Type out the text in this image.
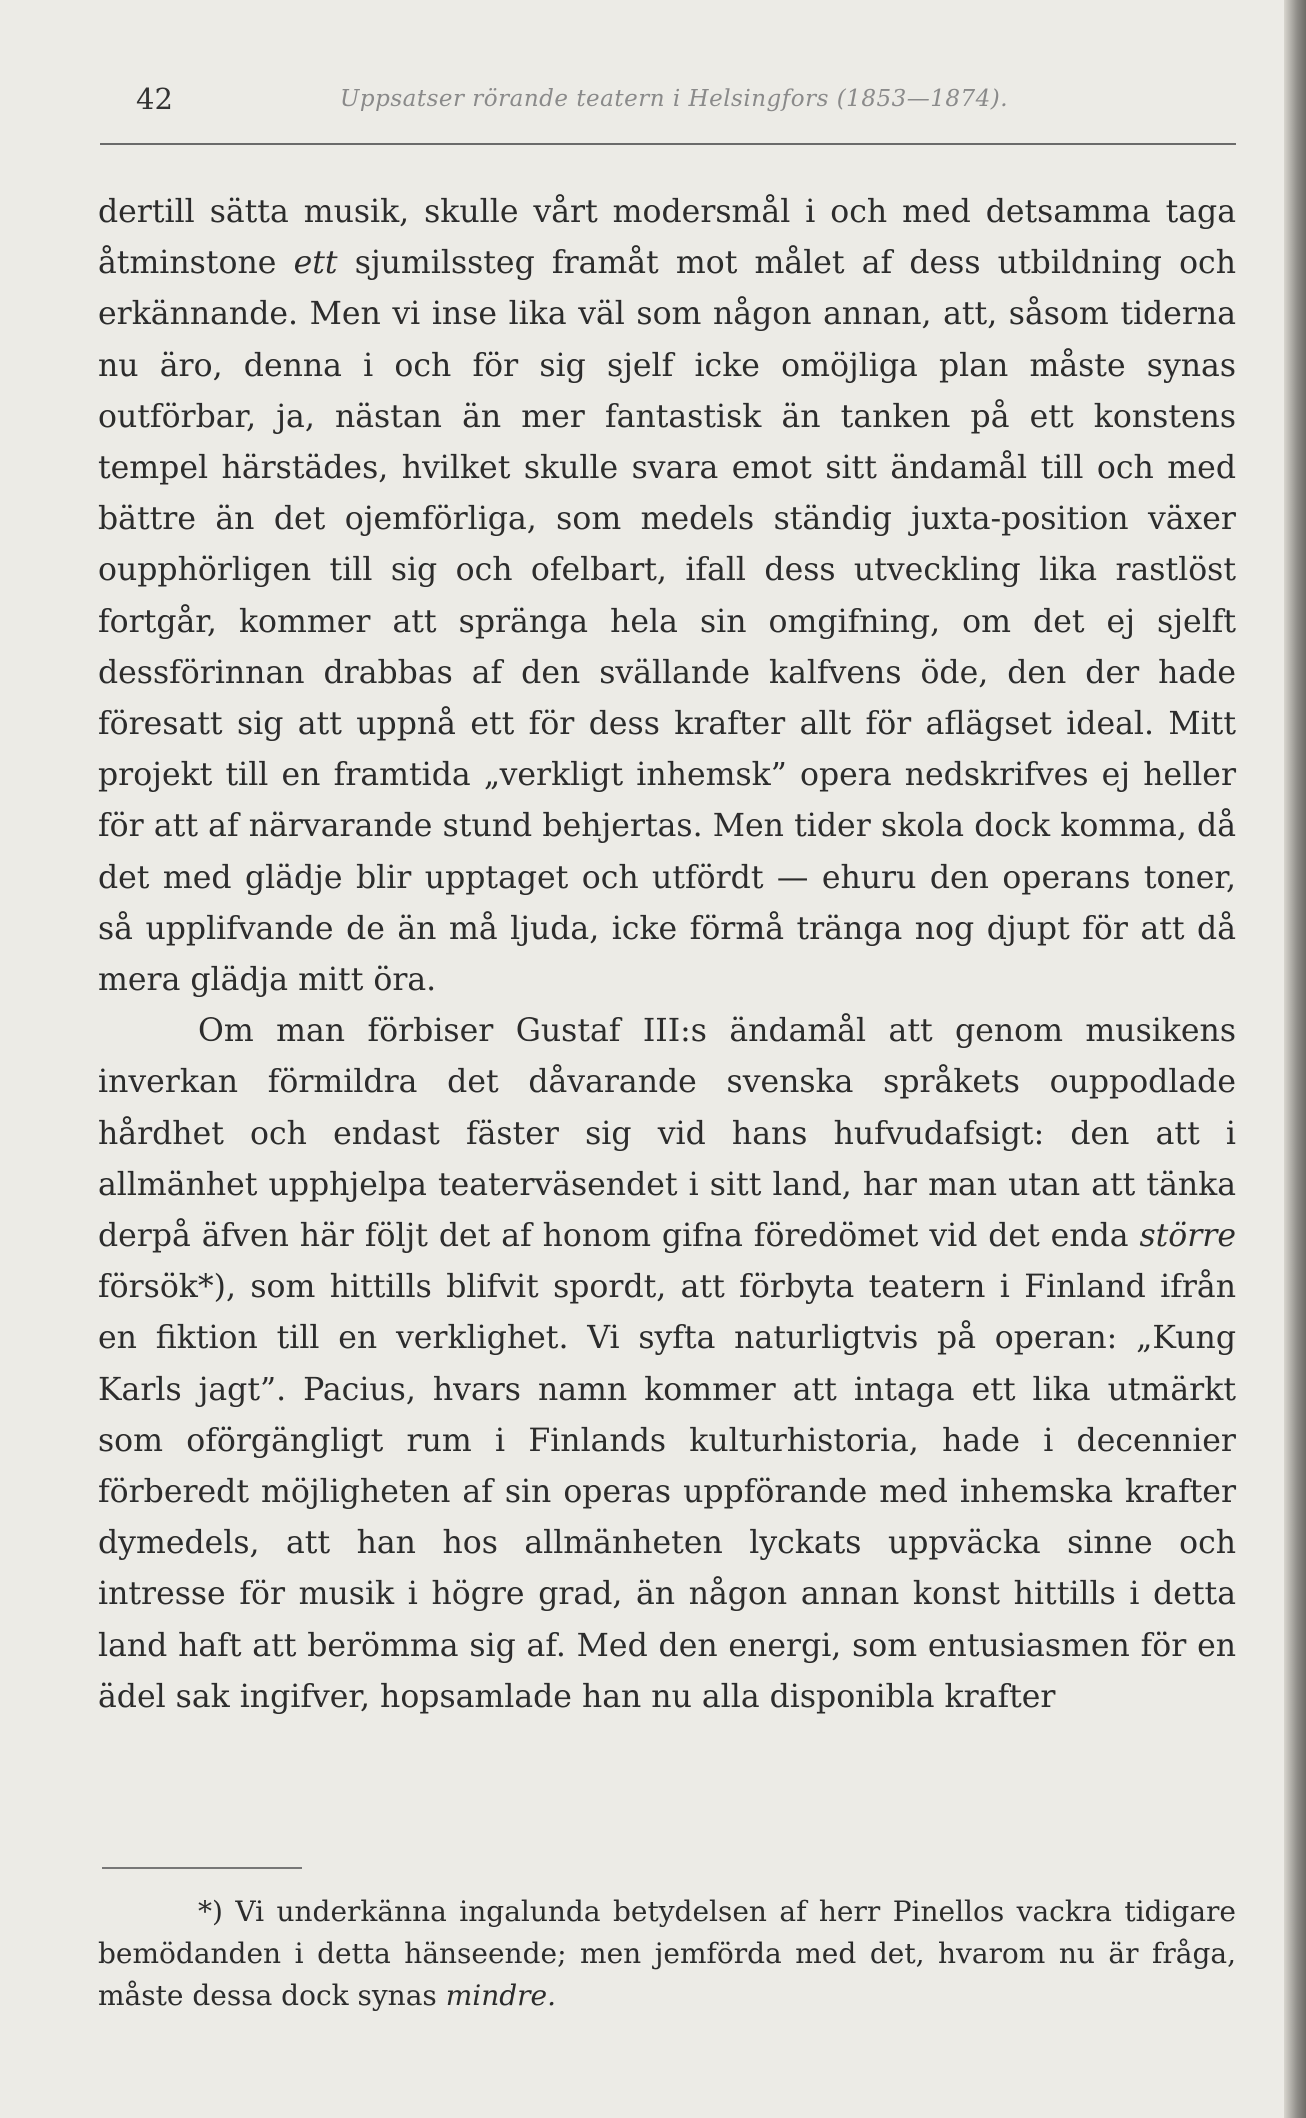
42	Uppsatser rörande teatern i Helsingfors (1853—1874).

dertill sätta musik, skulle vårt modersmål i och med detsamma taga åtminstone ett sjumilssteg framåt mot målet af dess utbildning och erkännande. Men vi inse lika väl som någon annan, att, såsom tiderna nu äro, denna i och för sig sjelf icke omöjliga plan måste synas outförbar, ja, nästan än mer fantastisk än tanken på ett konstens tempel härstädes, hvilket skulle svara emot sitt ändamål till och med bättre än det ojemförliga, som medels ständig juxta-position växer oupphörligen till sig och ofelbart, ifall dess utveckling lika rastlöst fortgår, kommer att spränga hela sin omgifning, om det ej sjelft dessförinnan drabbas af den svällande kalfvens öde, den der hade föresatt sig att uppnå ett för dess krafter allt för aflägset ideal. Mitt projekt till en framtida „verkligt inhemsk” opera nedskrifves ej heller för att af närvarande stund behjertas. Men tider skola dock komma, då det med glädje blir upptaget och utfördt — ehuru den operans toner, så upplifvande de än må ljuda, icke förmå tränga nog djupt för att då mera glädja mitt öra.

Om man förbiser Gustaf III:s ändamål att genom musikens inverkan förmildra det dåvarande svenska språkets ouppodlade hårdhet och endast fäster sig vid hans hufvudafsigt: den att i allmänhet upphjelpa teaterväsendet i sitt land, har man utan att tänka derpå äfven här följt det af honom gifna föredömet vid det enda större försök*), som hittills blifvit spordt, att förbyta teatern i Finland ifrån en fiktion till en verklighet. Vi syfta naturligtvis på operan: „Kung Karls jagt”. Pacius, hvars namn kommer att intaga ett lika utmärkt som oförgängligt rum i Finlands kulturhistoria, hade i decennier förberedt möjligheten af sin operas uppförande med inhemska krafter dymedels, att han hos allmänheten lyckats uppväcka sinne och intresse för musik i högre grad, än någon annan konst hittills i detta land haft att berömma sig af. Med den energi, som entusiasmen för en ädel sak ingifver, hopsamlade han nu alla disponibla krafter

*) Vi underkänna ingalunda betydelsen af herr Pinellos vackra tidigare bemödanden i detta hänseende; men jemförda med det, hvarom nu är fråga, måste dessa dock synas mindre.
